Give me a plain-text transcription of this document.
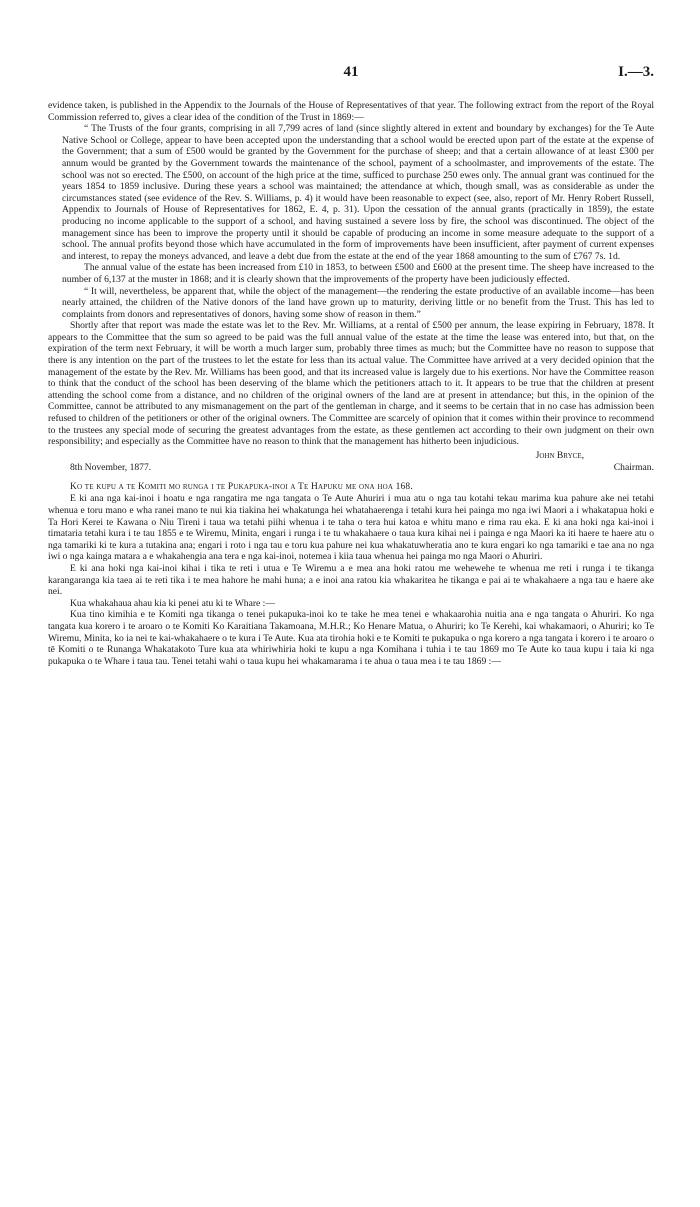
41	I.—3.

evidence taken, is published in the Appendix to the Journals of the House of Representatives of that year. The following extract from the report of the Royal Commission referred to, gives a clear idea of the condition of the Trust in 1869:—

“ The Trusts of the four grants, comprising in all 7,799 acres of land (since slightly altered in extent and boundary by exchanges) for the Te Aute Native School or College, appear to have been accepted upon the understanding that a school would be erected upon part of the estate at the expense of the Government; that a sum of £500 would be granted by the Government for the purchase of sheep; and that a certain allowance of at least £300 per annum would be granted by the Government towards the maintenance of the school, payment of a schoolmaster, and improvements of the estate. The school was not so erected. The £500, on account of the high price at the time, sufficed to purchase 250 ewes only. The annual grant was continued for the years 1854 to 1859 inclusive. During these years a school was maintained; the attendance at which, though small, was as considerable as under the circumstances stated (see evidence of the Rev. S. Williams, p. 4) it would have been reasonable to expect (see, also, report of Mr. Henry Robert Russell, Appendix to Journals of House of Representatives for 1862, E. 4, p. 31). Upon the cessation of the annual grants (practically in 1859), the estate producing no income applicable to the support of a school, and having sustained a severe loss by fire, the school was discontinued. The object of the management since has been to improve the property until it should be capable of producing an income in some measure adequate to the support of a school. The annual profits beyond those which have accumulated in the form of improvements have been insufficient, after payment of current expenses and interest, to repay the moneys advanced, and leave a debt due from the estate at the end of the year 1868 amounting to the sum of £767 7s. 1d.

The annual value of the estate has been increased from £10 in 1853, to between £500 and £600 at the present time. The sheep have increased to the number of 6,137 at the muster in 1868; and it is clearly shown that the improvements of the property have been judiciously effected.

“ It will, nevertheless, be apparent that, while the object of the management—the rendering the estate productive of an available income—has been nearly attained, the children of the Native donors of the land have grown up to maturity, deriving little or no benefit from the Trust. This has led to complaints from donors and representatives of donors, having some show of reason in them.”

Shortly after that report was made the estate was let to the Rev. Mr. Williams, at a rental of £500 per annum, the lease expiring in February, 1878. It appears to the Committee that the sum so agreed to be paid was the full annual value of the estate at the time the lease was entered into, but that, on the expiration of the term next February, it will be worth a much larger sum, probably three times as much; but the Committee have no reason to suppose that there is any intention on the part of the trustees to let the estate for less than its actual value. The Committee have arrived at a very decided opinion that the management of the estate by the Rev. Mr. Williams has been good, and that its increased value is largely due to his exertions. Nor have the Committee reason to think that the conduct of the school has been deserving of the blame which the petitioners attach to it. It appears to be true that the children at present attending the school come from a distance, and no children of the original owners of the land are at present in attendance; but this, in the opinion of the Committee, cannot be attributed to any mismanagement on the part of the gentleman in charge, and it seems to be certain that in no case has admission been refused to children of the petitioners or other of the original owners. The Committee are scarcely of opinion that it comes within their province to recommend to the trustees any special mode of securing the greatest advantages from the estate, as these gentlemen act according to their own judgment on their own responsibility; and especially as the Committee have no reason to think that the management has hitherto been injudicious.

8th November, 1877.
John Bryce,
Chairman.

Ko te kupu a te Komiti mo runga i te Pukapuka-inoi a Te Hapuku me ona hoa 168.

E ki ana nga kai-inoi i hoatu e nga rangatira me nga tangata o Te Aute Ahuriri i mua atu o nga tau kotahi tekau marima kua pahure ake nei tetahi whenua e toru mano e wha ranei mano te nui kia tiakina hei whakatunga hei whatahaerenga i tetahi kura hei painga mo nga iwi Maori a i whakatapua hoki e Ta Hori Kerei te Kawana o Niu Tireni i taua wa tetahi piihi whenua i te taha o tera hui katoa e whitu mano e rima rau eka. E ki ana hoki nga kai-inoi i timataria tetahi kura i te tau 1855 e te Wiremu, Minita, engari i runga i te tu whakahaere o taua kura kihai nei i painga e nga Maori ka iti haere te haere atu o nga tamariki ki te kura a tutakina ana; engari i roto i nga tau e toru kua pahure nei kua whakatuwheratia ano te kura engari ko nga tamariki e tae ana no nga iwi o nga kainga matara a e whakahengia ana tera e nga kai-inoi, notemea i kiia taua whenua hei painga mo nga Maori o Ahuriri.

E ki ana hoki nga kai-inoi kihai i tika te reti i utua e Te Wiremu a e mea ana hoki ratou me wehewehe te whenua me reti i runga i te tikanga karangaranga kia taea ai te reti tika i te mea hahore he mahi huna; a e inoi ana ratou kia whakaritea he tikanga e pai ai te whakahaere a nga tau e haere ake nei.

Kua whakahaua ahau kia ki penei atu ki te Whare :—

Kua tino kimihia e te Komiti nga tikanga o tenei pukapuka-inoi ko te take he mea tenei e whakaarohia nuitia ana e nga tangata o Ahuriri. Ko nga tangata kua korero i te aroaro o te Komiti Ko Karaitiana Takamoana, M.H.R.; Ko Henare Matua, o Ahuriri; ko Te Kerehi, kai whakamaori, o Ahuriri; ko Te Wiremu, Minita, ko ia nei te kai-whakahaere o te kura i Te Aute. Kua ata tirohia hoki e te Komiti te pukapuka o nga korero a nga tangata i korero i te aroaro o tē Komiti o te Runanga Whakatakoto Ture kua ata whiriwhiria hoki te kupu a nga Komihana i tuhia i te tau 1869 mo Te Aute ko taua kupu i taia ki nga pukapuka o te Whare i taua tau. Tenei tetahi wahi o taua kupu hei whakamarama i te ahua o taua mea i te tau 1869 :—
